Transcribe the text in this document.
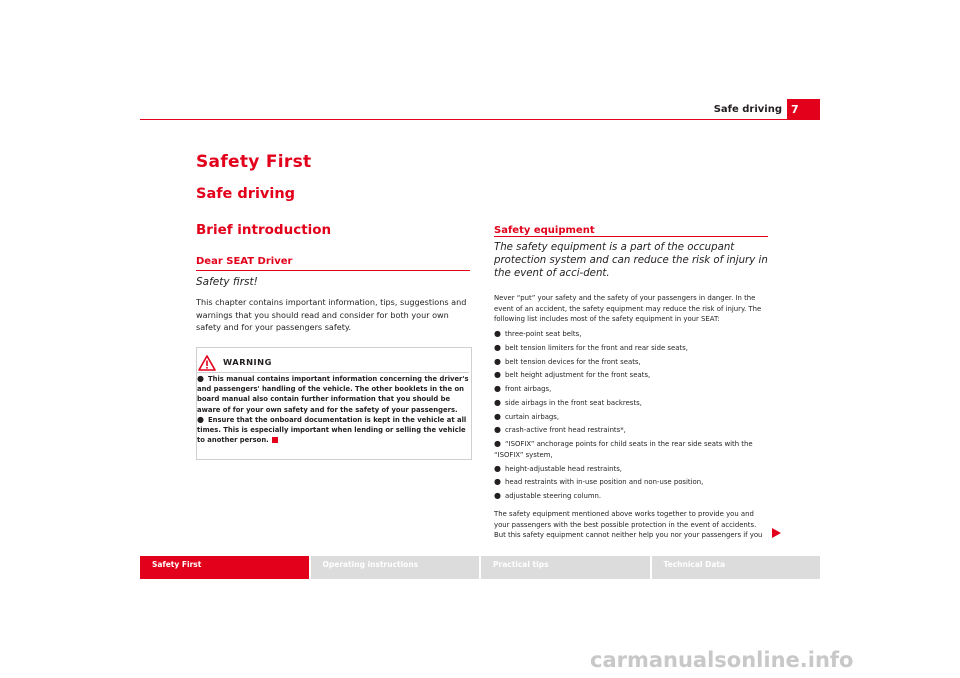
Safe driving 7
Safety First
Safe driving
Brief introduction
Dear SEAT Driver
Safety first!
This chapter contains important information, tips, suggestions and warnings that you should read and consider for both your own safety and for your passengers safety.
WARNING
● This manual contains important information concerning the driver's and passengers' handling of the vehicle. The other booklets in the on board manual also contain further information that you should be aware of for your own safety and for the safety of your passengers.
● Ensure that the onboard documentation is kept in the vehicle at all times. This is especially important when lending or selling the vehicle to another person.
Safety equipment
The safety equipment is a part of the occupant protection system and can reduce the risk of injury in the event of acci-dent.
Never “put” your safety and the safety of your passengers in danger. In the event of an accident, the safety equipment may reduce the risk of injury. The following list includes most of the safety equipment in your SEAT:
● three-point seat belts,
● belt tension limiters for the front and rear side seats,
● belt tension devices for the front seats,
● belt height adjustment for the front seats,
● front airbags,
● side airbags in the front seat backrests,
● curtain airbags,
● crash-active front head restraints*,
● “ISOFIX” anchorage points for child seats in the rear side seats with the “ISOFIX” system,
● height-adjustable head restraints,
● head restraints with in-use position and non-use position,
● adjustable steering column.
The safety equipment mentioned above works together to provide you and your passengers with the best possible protection in the event of accidents. But this safety equipment cannot neither help you nor your passengers if you
Safety First	Operating instructions	Practical tips	Technical Data
carmanualsonline.info
